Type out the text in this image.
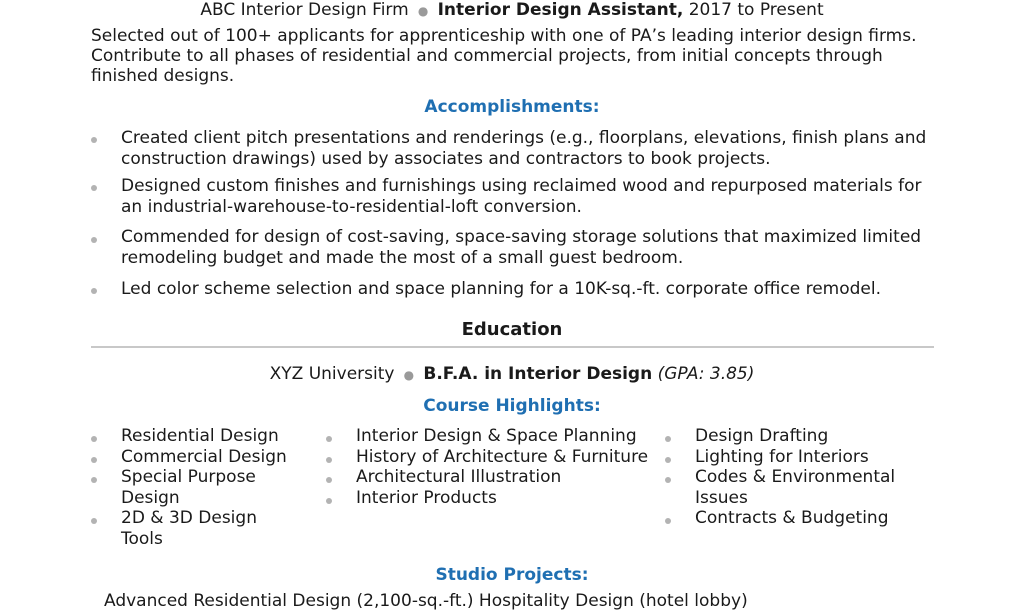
ABC Interior Design Firm  ●  Interior Design Assistant, 2017 to Present
Selected out of 100+ applicants for apprenticeship with one of PA’s leading interior design firms. Contribute to all phases of residential and commercial projects, from initial concepts through finished designs.
Accomplishments:
Created client pitch presentations and renderings (e.g., floorplans, elevations, finish plans and construction drawings) used by associates and contractors to book projects.
Designed custom finishes and furnishings using reclaimed wood and repurposed materials for an industrial-warehouse-to-residential-loft conversion.
Commended for design of cost-saving, space-saving storage solutions that maximized limited remodeling budget and made the most of a small guest bedroom.
Led color scheme selection and space planning for a 10K-sq.-ft. corporate office remodel.
Education
XYZ University  ●  B.F.A. in Interior Design (GPA: 3.85)
Course Highlights:
Residential Design
Commercial Design
Special Purpose Design
2D & 3D Design Tools
Interior Design & Space Planning
History of Architecture & Furniture
Architectural Illustration
Interior Products
Design Drafting
Lighting for Interiors
Codes & Environmental Issues
Contracts & Budgeting
Studio Projects:
Advanced Residential Design (2,100-sq.-ft.) Hospitality Design (hotel lobby)
